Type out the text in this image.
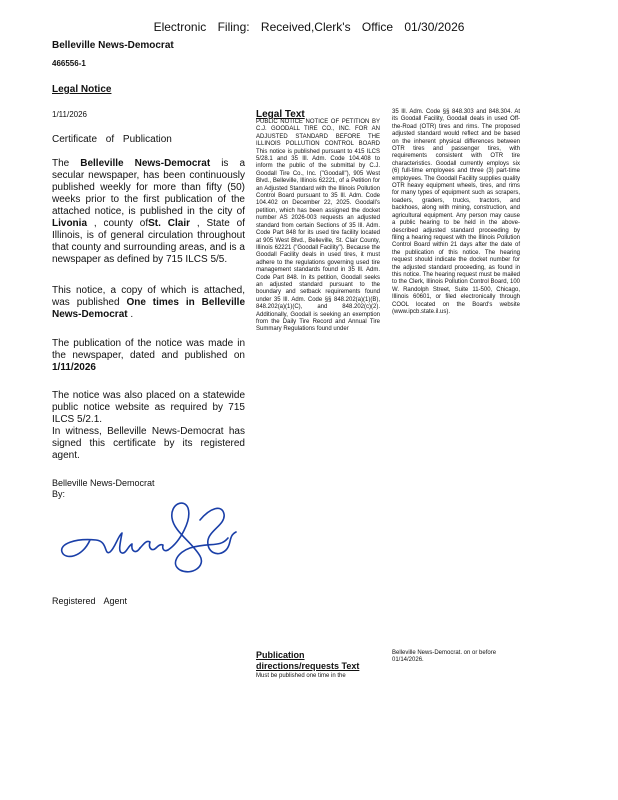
Electronic Filing: Received,Clerk's Office 01/30/2026
Belleville News-Democrat
466556-1
Legal Notice
1/11/2026
Certificate of Publication
The Belleville News-Democrat is a secular newspaper, has been continuously published weekly for more than fifty (50) weeks prior to the first publication of the attached notice, is published in the city of Livonia , county ofSt. Clair , State of Illinois, is of general circulation throughout that county and surrounding areas, and is a newspaper as defined by 715 ILCS 5/5.
This notice, a copy of which is attached, was published One times in Belleville News-Democrat .
The publication of the notice was made in the newspaper, dated and published on 1/11/2026
The notice was also placed on a statewide public notice website as required by 715 ILCS 5/2.1.
In witness, Belleville News-Democrat has signed this certificate by its registered agent.
Belleville News-Democrat
By:
Registered Agent
Legal Text
PUBLIC NOTICE NOTICE OF PETITION BY C.J. GOODALL TIRE CO., INC. FOR AN ADJUSTED STANDARD BEFORE THE ILLINOIS POLLUTION CONTROL BOARD This notice is published pursuant to 415 ILCS 5/28.1 and 35 Ill. Adm. Code 104.408 to inform the public of the submittal by C.J. Goodall Tire Co., Inc. ("Goodall"), 905 West Blvd., Belleville, Illinois 62221, of a Petition for an Adjusted Standard with the Illinois Pollution Control Board pursuant to 35 Ill. Adm. Code 104.402 on December 22, 2025. Goodall's petition, which has been assigned the docket number AS 2026-003 requests an adjusted standard from certain Sections of 35 Ill. Adm. Code Part 848 for its used tire facility located at 905 West Blvd., Belleville, St. Clair County, Illinois 62221 ("Goodall Facility"). Because the Goodall Facility deals in used tires, it must adhere to the regulations governing used tire management standards found in 35 Ill. Adm. Code Part 848. In its petition, Goodall seeks an adjusted standard pursuant to the boundary and setback requirements found under 35 Ill. Adm. Code §§ 848.202(a)(1)(B), 848.202(a)(1)(C), and 848.202(c)(2). Additionally, Goodall is seeking an exemption from the Daily Tire Record and Annual Tire Summary Regulations found under
35 Ill. Adm. Code §§ 848.303 and 848.304. At its Goodall Facility, Goodall deals in used Off-the-Road (OTR) tires and rims. The proposed adjusted standard would reflect and be based on the inherent physical differences between OTR tires and passenger tires, with requirements consistent with OTR tire characteristics. Goodall currently employs six (6) full-time employees and three (3) part-time employees. The Goodall Facility supplies quality OTR heavy equipment wheels, tires, and rims for many types of equipment such as scrapers, loaders, graders, trucks, tractors, and backhoes, along with mining, construction, and agricultural equipment. Any person may cause a public hearing to be held in the above-described adjusted standard proceeding by filing a hearing request with the Illinois Pollution Control Board within 21 days after the date of the publication of this notice. The hearing request should indicate the docket number for the adjusted standard proceeding, as found in this notice. The hearing request must be mailed to the Clerk, Illinois Pollution Control Board, 100 W. Randolph Street, Suite 11-500, Chicago, Illinois 60601, or filed electronically through COOL located on the Board's website (www.ipcb.state.il.us).
Publication directions/requests Text
Must be published one time in the
Belleville News-Democrat. on or before 01/14/2026.
